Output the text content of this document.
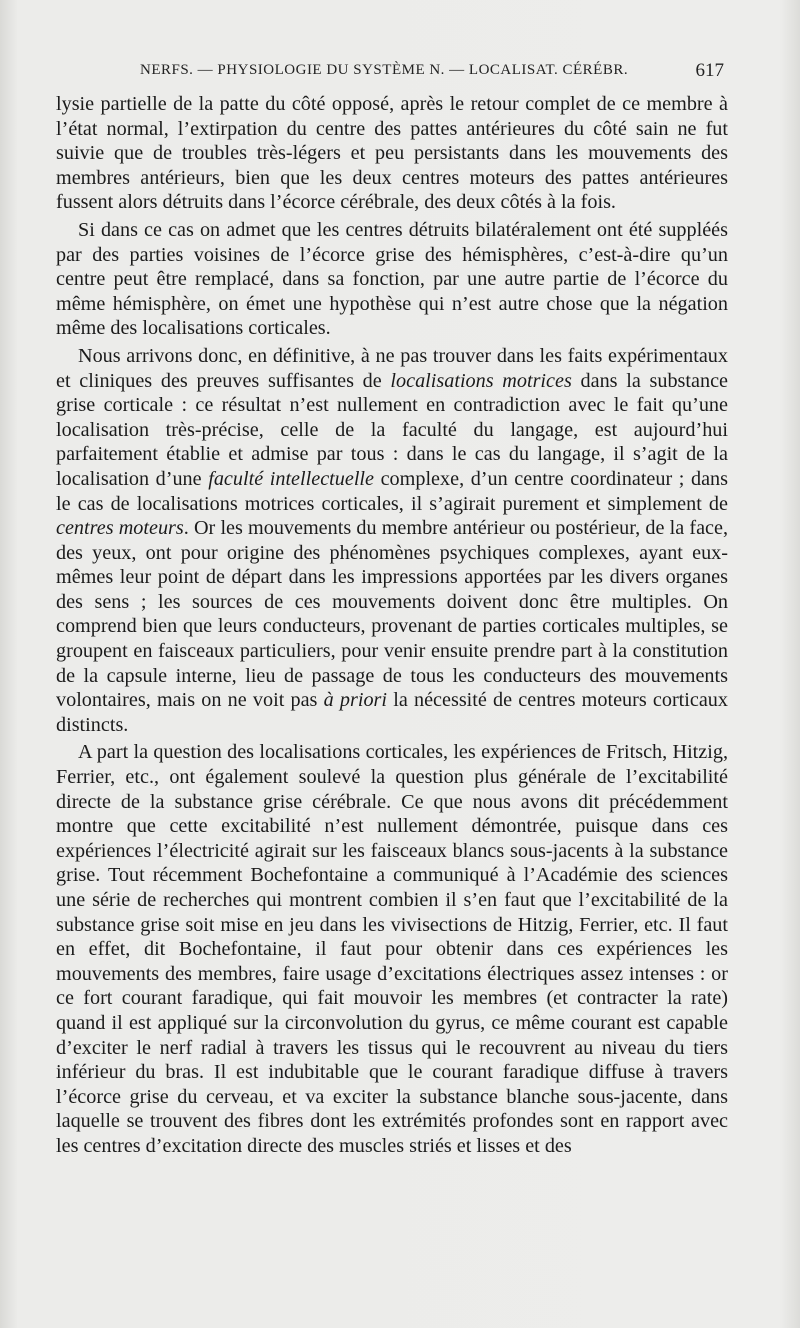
NERFS. — PHYSIOLOGIE DU SYSTÈME N. — LOCALISAT. CÉRÉBR.	617

lysie partielle de la patte du côté opposé, après le retour complet de ce membre à l’état normal, l’extirpation du centre des pattes antérieures du côté sain ne fut suivie que de troubles très-légers et peu persistants dans les mouvements des membres antérieurs, bien que les deux centres moteurs des pattes antérieures fussent alors détruits dans l’écorce cérébrale, des deux côtés à la fois.

Si dans ce cas on admet que les centres détruits bilatéralement ont été suppléés par des parties voisines de l’écorce grise des hémisphères, c’est-à-dire qu’un centre peut être remplacé, dans sa fonction, par une autre partie de l’écorce du même hémisphère, on émet une hypothèse qui n’est autre chose que la négation même des localisations corticales.

Nous arrivons donc, en définitive, à ne pas trouver dans les faits expérimentaux et cliniques des preuves suffisantes de localisations motrices dans la substance grise corticale : ce résultat n’est nullement en contradiction avec le fait qu’une localisation très-précise, celle de la faculté du langage, est aujourd’hui parfaitement établie et admise par tous : dans le cas du langage, il s’agit de la localisation d’une faculté intellectuelle complexe, d’un centre coordinateur ; dans le cas de localisations motrices corticales, il s’agirait purement et simplement de centres moteurs. Or les mouvements du membre antérieur ou postérieur, de la face, des yeux, ont pour origine des phénomènes psychiques complexes, ayant eux-mêmes leur point de départ dans les impressions apportées par les divers organes des sens ; les sources de ces mouvements doivent donc être multiples. On comprend bien que leurs conducteurs, provenant de parties corticales multiples, se groupent en faisceaux particuliers, pour venir ensuite prendre part à la constitution de la capsule interne, lieu de passage de tous les conducteurs des mouvements volontaires, mais on ne voit pas à priori la nécessité de centres moteurs corticaux distincts.

A part la question des localisations corticales, les expériences de Fritsch, Hitzig, Ferrier, etc., ont également soulevé la question plus générale de l’excitabilité directe de la substance grise cérébrale. Ce que nous avons dit précédemment montre que cette excitabilité n’est nullement démontrée, puisque dans ces expériences l’électricité agirait sur les faisceaux blancs sous-jacents à la substance grise. Tout récemment Bochefontaine a communiqué à l’Académie des sciences une série de recherches qui montrent combien il s’en faut que l’excitabilité de la substance grise soit mise en jeu dans les vivisections de Hitzig, Ferrier, etc. Il faut en effet, dit Bochefontaine, il faut pour obtenir dans ces expériences les mouvements des membres, faire usage d’excitations électriques assez intenses : or ce fort courant faradique, qui fait mouvoir les membres (et contracter la rate) quand il est appliqué sur la circonvolution du gyrus, ce même courant est capable d’exciter le nerf radial à travers les tissus qui le recouvrent au niveau du tiers inférieur du bras. Il est indubitable que le courant faradique diffuse à travers l’écorce grise du cerveau, et va exciter la substance blanche sous-jacente, dans laquelle se trouvent des fibres dont les extrémités profondes sont en rapport avec les centres d’excitation directe des muscles striés et lisses et des
